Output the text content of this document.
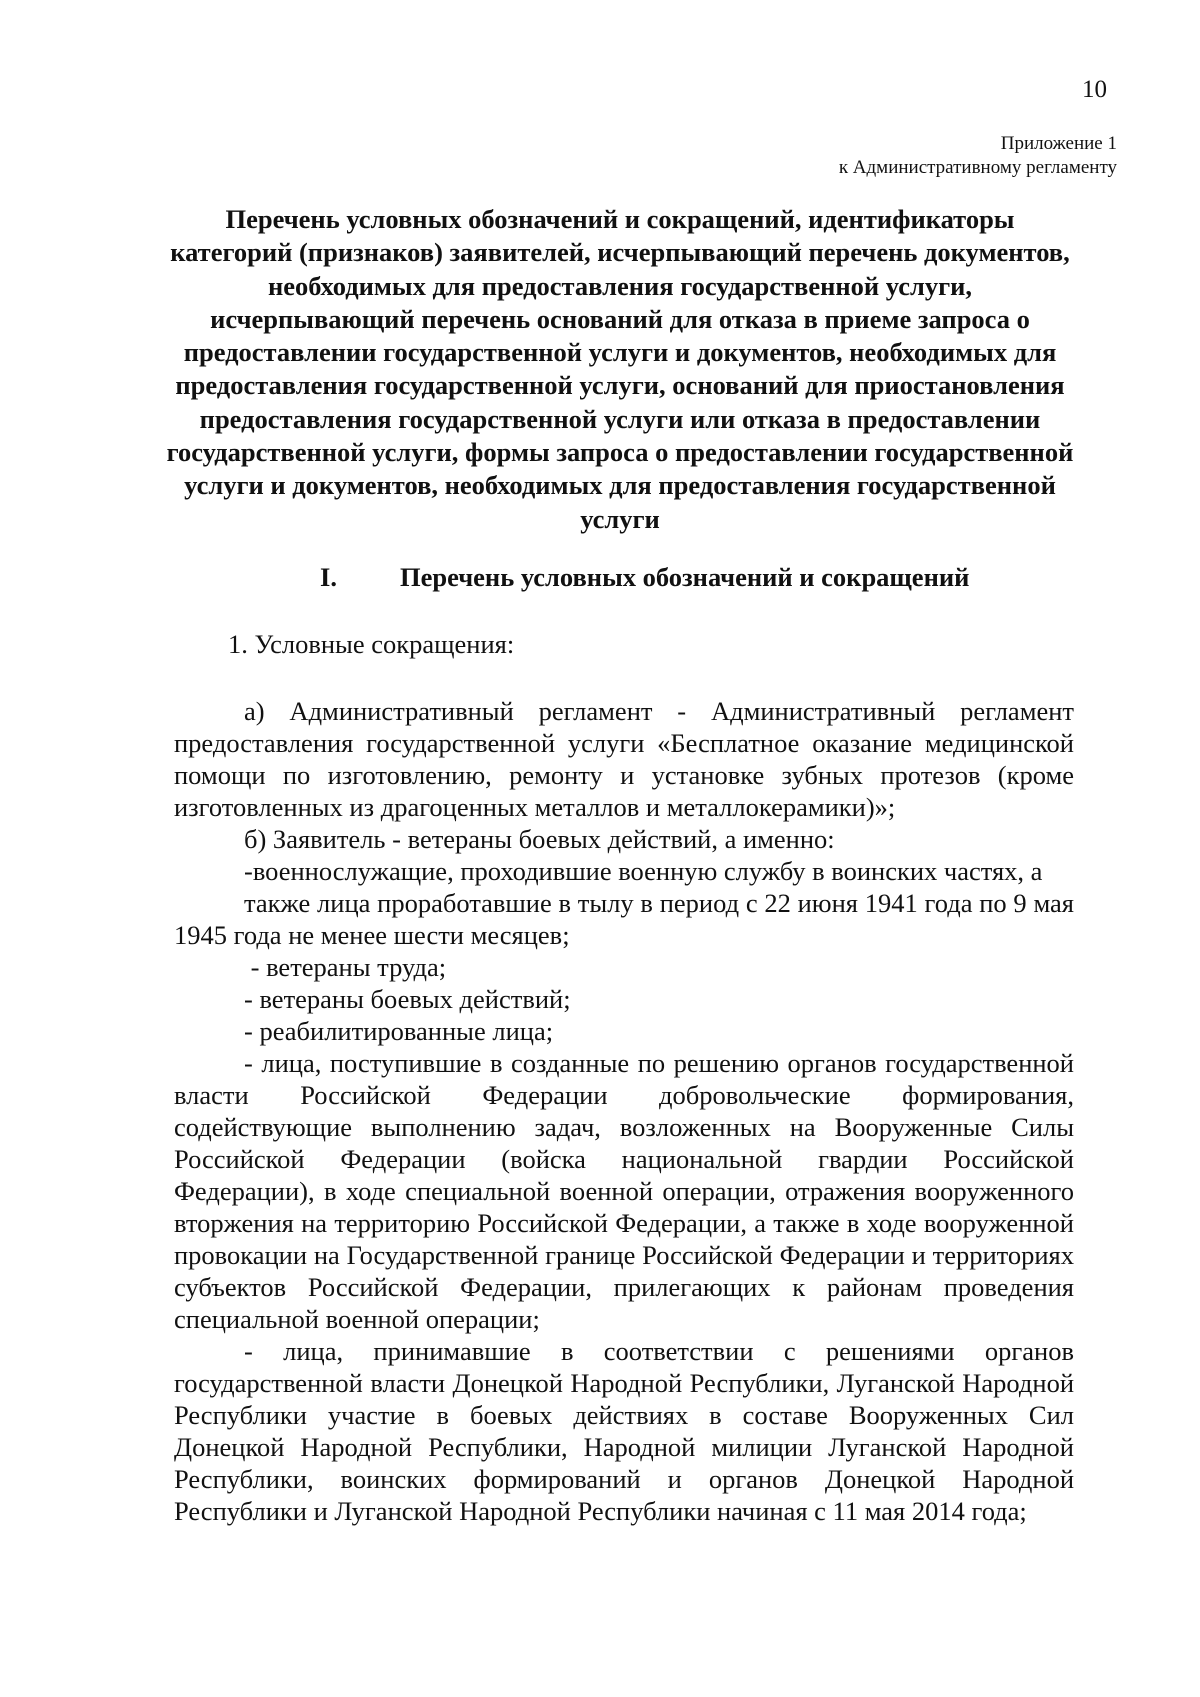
10
Приложение 1
к Административному регламенту
Перечень условных обозначений и сокращений, идентификаторы категорий (признаков) заявителей, исчерпывающий перечень документов, необходимых для предоставления государственной услуги, исчерпывающий перечень оснований для отказа в приеме запроса о предоставлении государственной услуги и документов, необходимых для предоставления государственной услуги, оснований для приостановления предоставления государственной услуги или отказа в предоставлении государственной услуги, формы запроса о предоставлении государственной услуги и документов, необходимых для предоставления государственной услуги
I. Перечень условных обозначений и сокращений
1. Условные сокращения:
а) Административный регламент - Административный регламент предоставления государственной услуги «Бесплатное оказание медицинской помощи по изготовлению, ремонту и установке зубных протезов (кроме изготовленных из драгоценных металлов и металлокерамики)»;
б) Заявитель - ветераны боевых действий, а именно:
-военнослужащие, проходившие военную службу в воинских частях, а
также лица проработавшие в тылу в период с 22 июня 1941 года по 9 мая 1945 года не менее шести месяцев;
- ветераны труда;
- ветераны боевых действий;
- реабилитированные лица;
- лица, поступившие в созданные по решению органов государственной власти Российской Федерации добровольческие формирования, содействующие выполнению задач, возложенных на Вооруженные Силы Российской Федерации (войска национальной гвардии Российской Федерации), в ходе специальной военной операции, отражения вооруженного вторжения на территорию Российской Федерации, а также в ходе вооруженной провокации на Государственной границе Российской Федерации и территориях субъектов Российской Федерации, прилегающих к районам проведения специальной военной операции;
- лица, принимавшие в соответствии с решениями органов государственной власти Донецкой Народной Республики, Луганской Народной Республики участие в боевых действиях в составе Вооруженных Сил Донецкой Народной Республики, Народной милиции Луганской Народной Республики, воинских формирований и органов Донецкой Народной Республики и Луганской Народной Республики начиная с 11 мая 2014 года;
